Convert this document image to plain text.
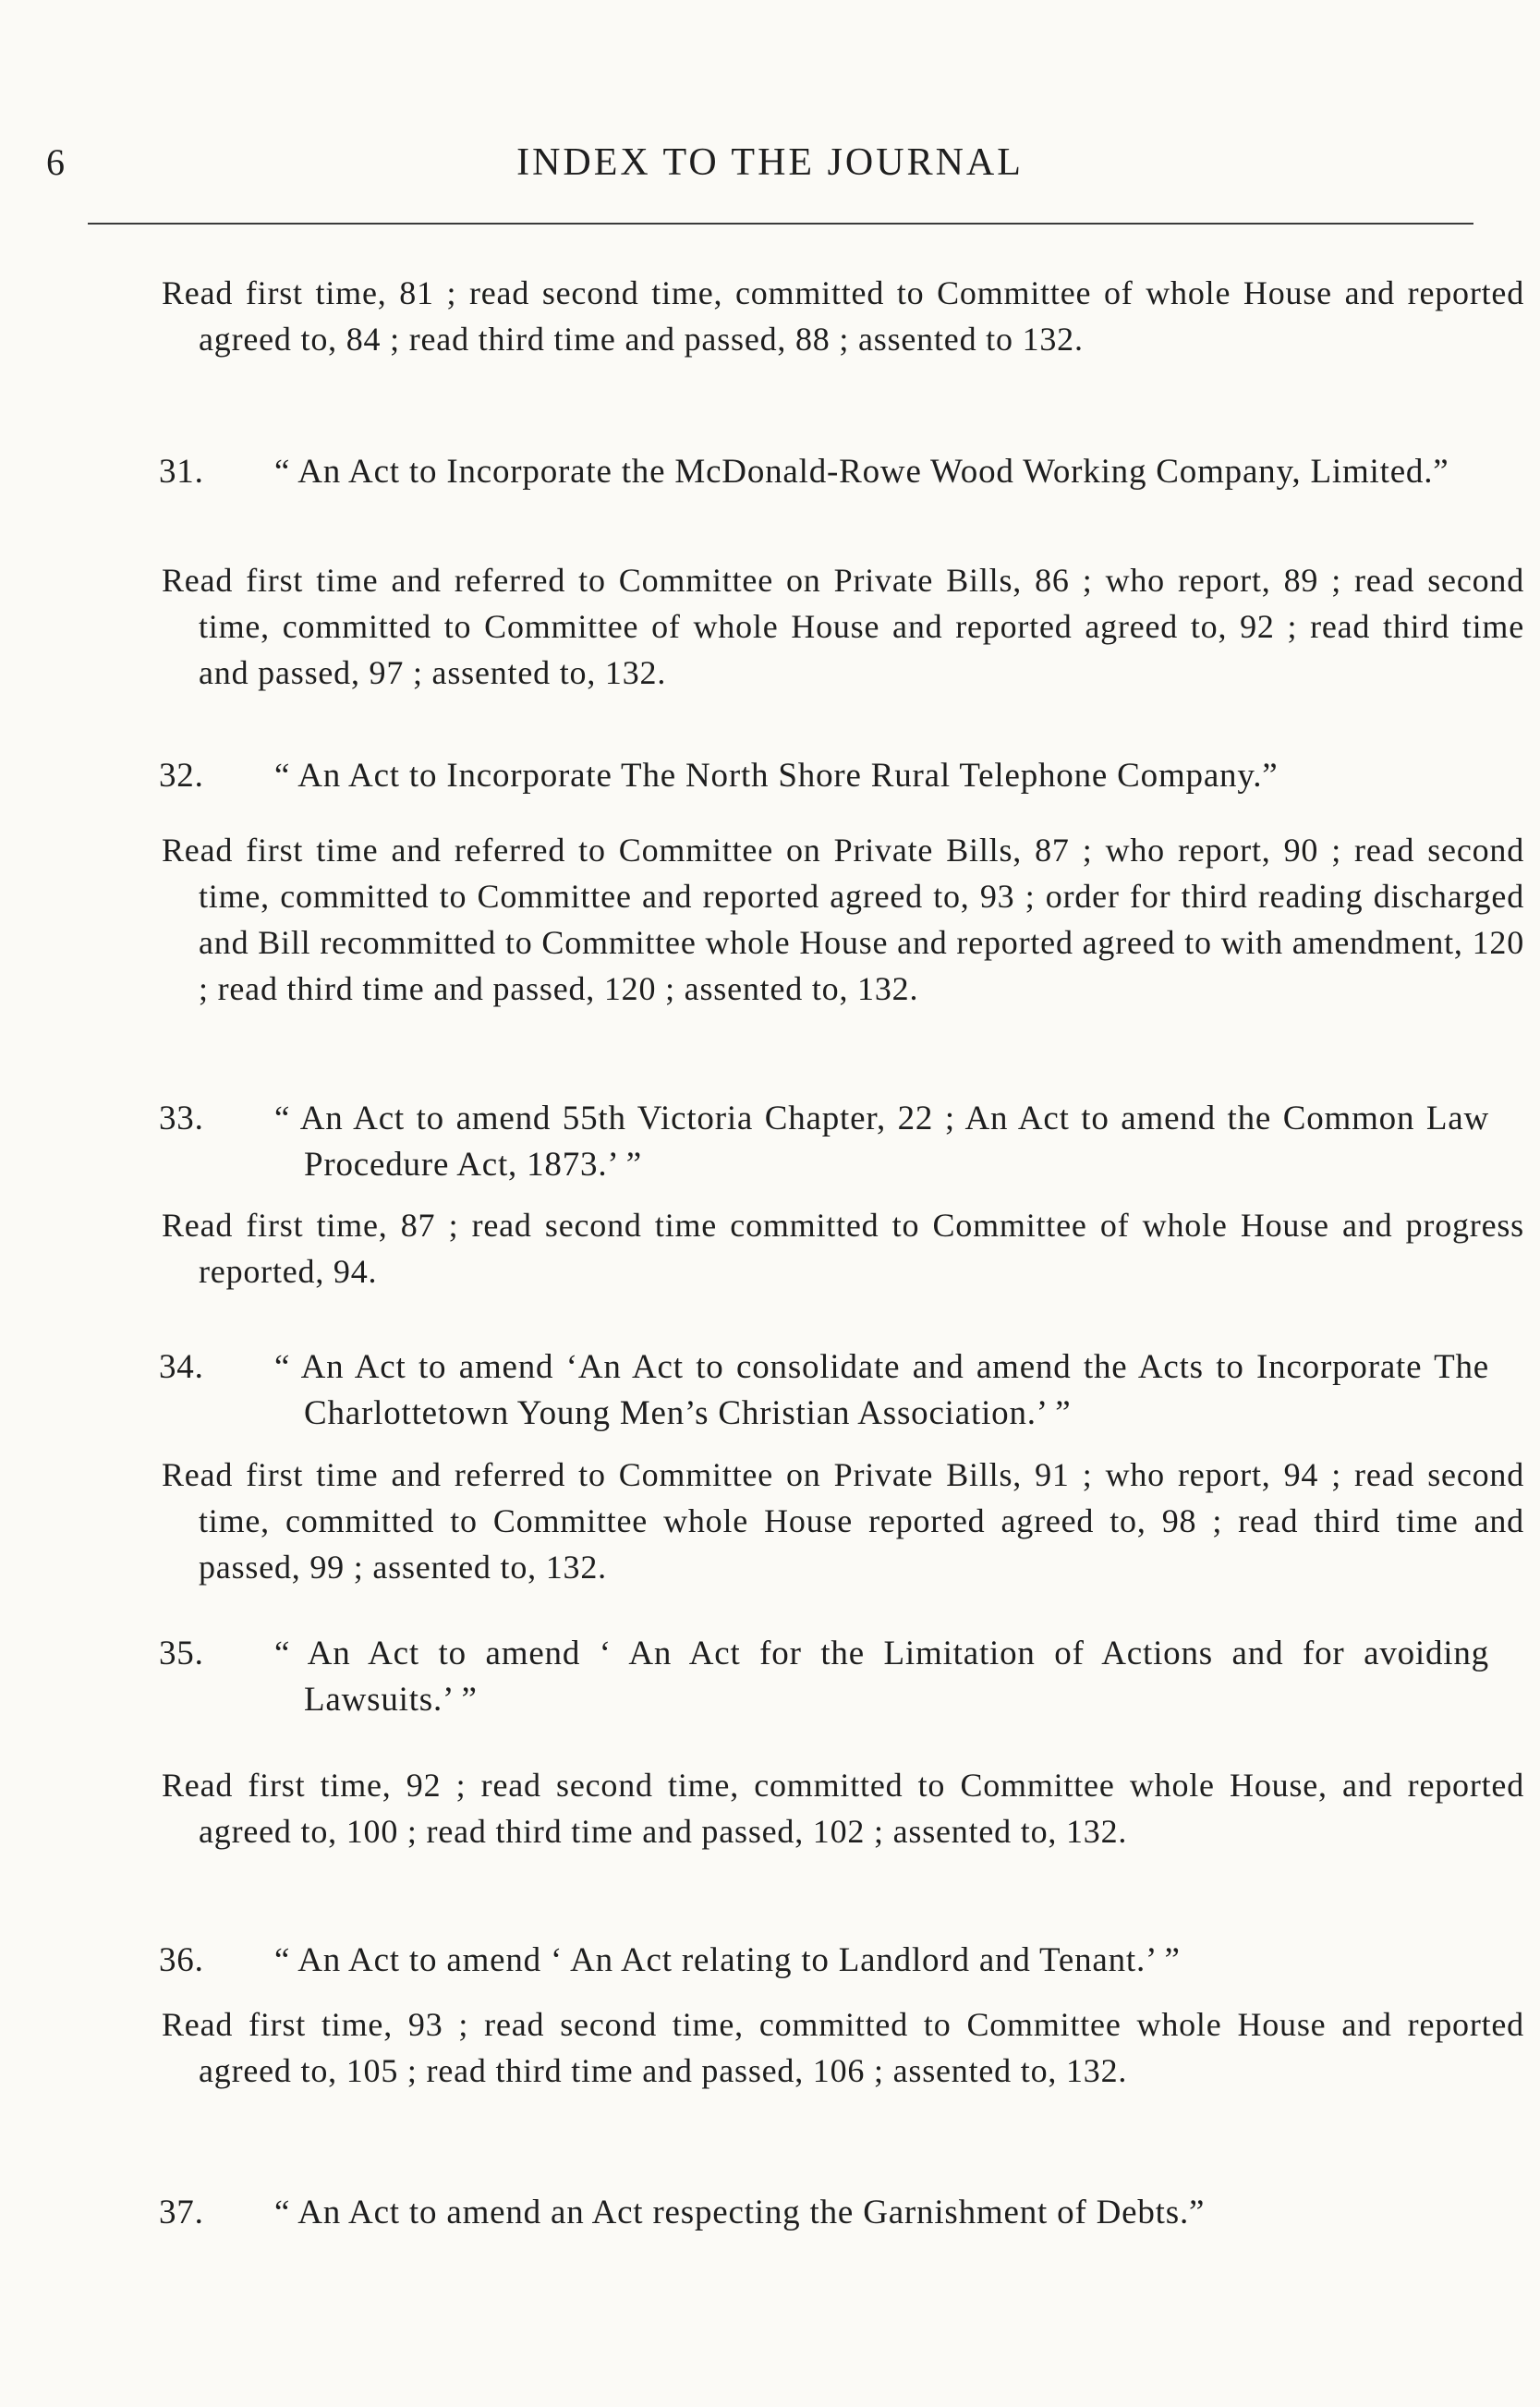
6	INDEX TO THE JOURNAL
Read first time, 81 ; read second time, committed to Committee of whole House and reported agreed to, 84 ; read third time and passed, 88 ; assented to 132.
31. “ An Act to Incorporate the McDonald-Rowe Wood Working Company, Limited.”
Read first time and referred to Committee on Private Bills, 86 ; who report, 89 ; read second time, committed to Committee of whole House and reported agreed to, 92 ; read third time and passed, 97 ; assented to, 132.
32. “ An Act to Incorporate The North Shore Rural Telephone Company.”
Read first time and referred to Committee on Private Bills, 87 ; who report, 90 ; read second time, committed to Committee and reported agreed to, 93 ; order for third reading discharged and Bill recommitted to Committee whole House and reported agreed to with amendment, 120 ; read third time and passed, 120 ; assented to, 132.
33. “ An Act to amend 55th Victoria Chapter, 22 ; An Act to amend the Common Law Procedure Act, 1873.’ ”
Read first time, 87 ; read second time committed to Committee of whole House and progress reported, 94.
34. “ An Act to amend ‘An Act to consolidate and amend the Acts to Incorporate The Charlottetown Young Men’s Christian Association.’ ”
Read first time and referred to Committee on Private Bills, 91 ; who report, 94 ; read second time, committed to Committee whole House reported agreed to, 98 ; read third time and passed, 99 ; assented to, 132.
35. “ An Act to amend ‘ An Act for the Limitation of Actions and for avoiding Lawsuits.’ ”
Read first time, 92 ; read second time, committed to Committee whole House, and reported agreed to, 100 ; read third time and passed, 102 ; assented to, 132.
36. “ An Act to amend ‘ An Act relating to Landlord and Tenant.’ ”
Read first time, 93 ; read second time, committed to Committee whole House and reported agreed to, 105 ; read third time and passed, 106 ; assented to, 132.
37. “ An Act to amend an Act respecting the Garnishment of Debts.”
